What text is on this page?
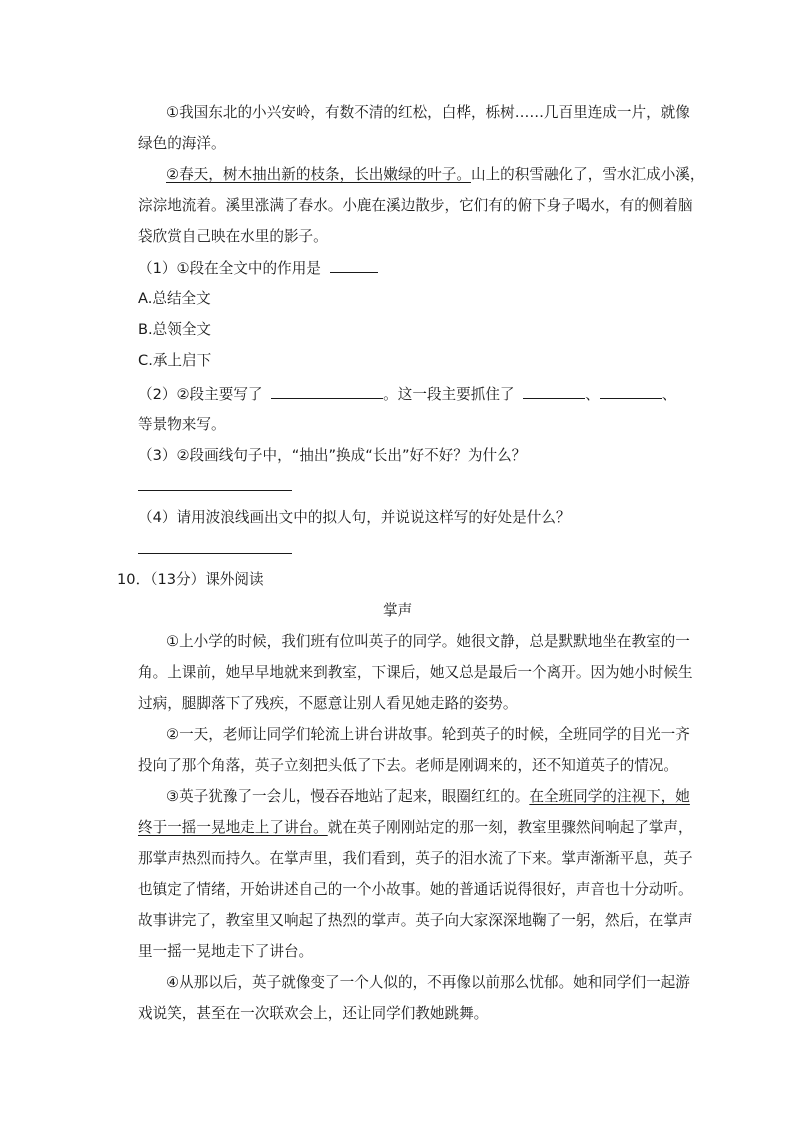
①我国东北的小兴安岭，有数不清的红松，白桦，栎树……几百里连成一片，就像
绿色的海洋。
②春天，树木抽出新的枝条，长出嫩绿的叶子。山上的积雪融化了，雪水汇成小溪，
淙淙地流着。溪里涨满了春水。小鹿在溪边散步，它们有的俯下身子喝水，有的侧着脑
袋欣赏自己映在水里的影子。
（1）①段在全文中的作用是
A.总结全文
B.总领全文
C.承上启下
（2）②段主要写了	。这一段主要抓住了	、	、
等景物来写。
（3）②段画线句子中，“抽出”换成“长出”好不好？为什么？
（4）请用波浪线画出文中的拟人句，并说说这样写的好处是什么？
10．（13分）课外阅读
掌声
①上小学的时候，我们班有位叫英子的同学。她很文静，总是默默地坐在教室的一
角。上课前，她早早地就来到教室，下课后，她又总是最后一个离开。因为她小时候生
过病，腿脚落下了残疾，不愿意让别人看见她走路的姿势。
②一天，老师让同学们轮流上讲台讲故事。轮到英子的时候，全班同学的目光一齐
投向了那个角落，英子立刻把头低了下去。老师是刚调来的，还不知道英子的情况。
③英子犹豫了一会儿，慢吞吞地站了起来，眼圈红红的。在全班同学的注视下，她
终于一摇一晃地走上了讲台。就在英子刚刚站定的那一刻，教室里骤然间响起了掌声，
那掌声热烈而持久。在掌声里，我们看到，英子的泪水流了下来。掌声渐渐平息，英子
也镇定了情绪，开始讲述自己的一个小故事。她的普通话说得很好，声音也十分动听。
故事讲完了，教室里又响起了热烈的掌声。英子向大家深深地鞠了一躬，然后，在掌声
里一摇一晃地走下了讲台。
④从那以后，英子就像变了一个人似的，不再像以前那么忧郁。她和同学们一起游
戏说笑，甚至在一次联欢会上，还让同学们教她跳舞。
